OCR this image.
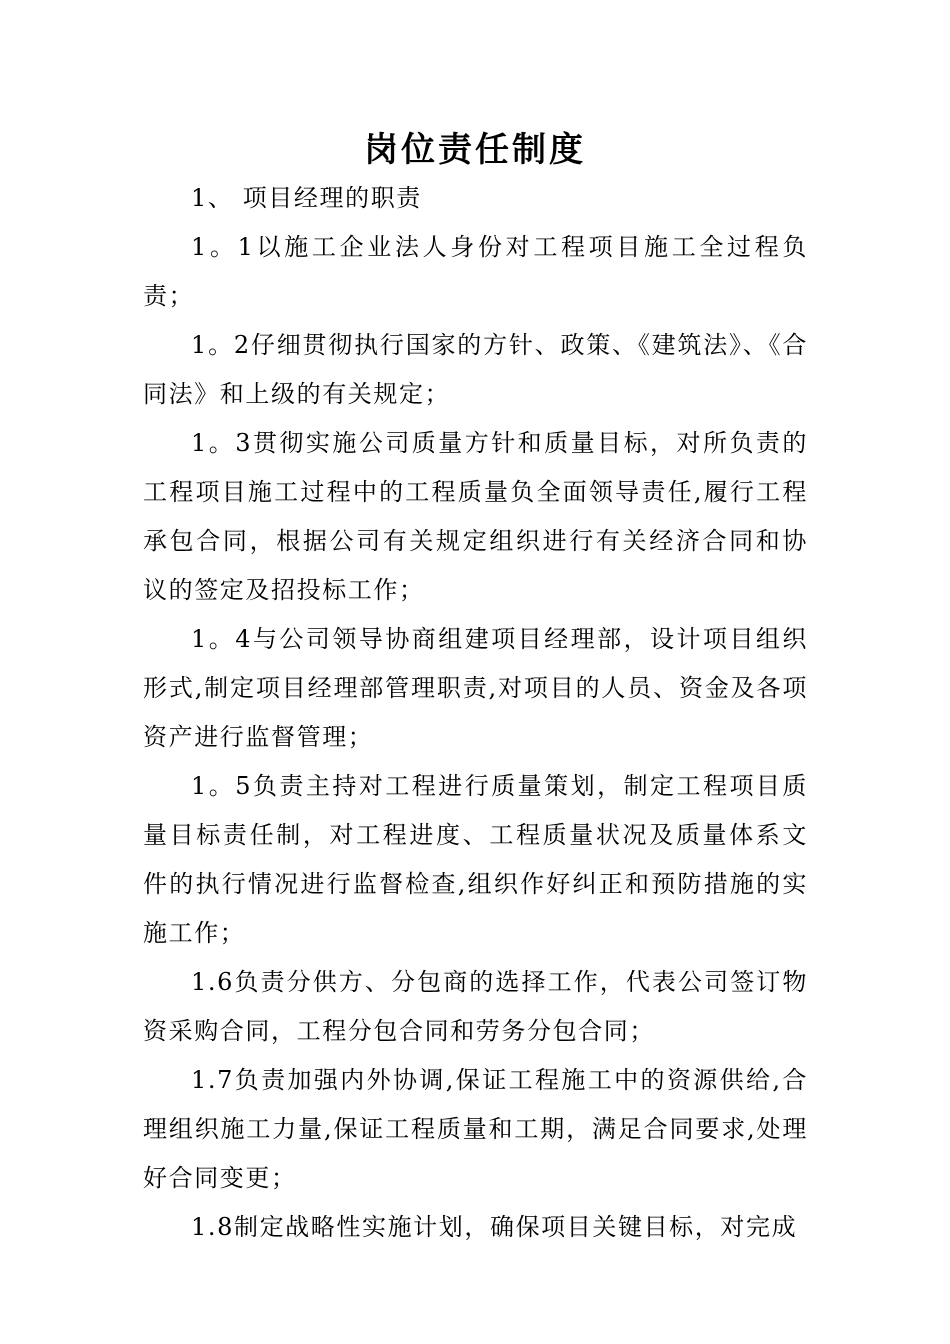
岗位责任制度

1、 项目经理的职责

1。1以施工企业法人身份对工程项目施工全过程负责；

1。2仔细贯彻执行国家的方针、政策、《建筑法》、《合同法》和上级的有关规定；

1。3贯彻实施公司质量方针和质量目标，对所负责的工程项目施工过程中的工程质量负全面领导责任,履行工程承包合同，根据公司有关规定组织进行有关经济合同和协议的签定及招投标工作；

1。4与公司领导协商组建项目经理部，设计项目组织形式,制定项目经理部管理职责,对项目的人员、资金及各项资产进行监督管理；

1。5负责主持对工程进行质量策划，制定工程项目质量目标责任制，对工程进度、工程质量状况及质量体系文件的执行情况进行监督检查,组织作好纠正和预防措施的实施工作；

1.6负责分供方、分包商的选择工作，代表公司签订物资采购合同，工程分包合同和劳务分包合同；

1.7负责加强内外协调,保证工程施工中的资源供给,合理组织施工力量,保证工程质量和工期，满足合同要求,处理好合同变更；

1.8制定战略性实施计划，确保项目关键目标，对完成
